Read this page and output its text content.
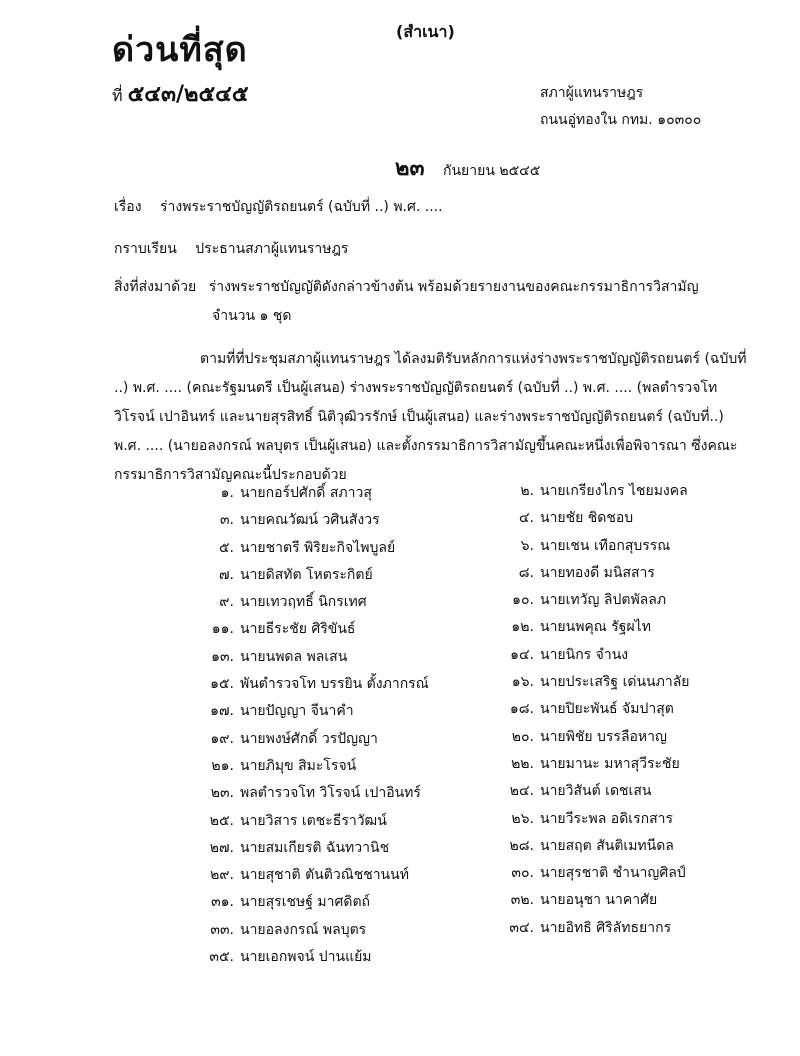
ด่วนที่สุด	(สำเนา)
ที่ ๕๔๓/๒๕๔๕	สภาผู้แทนราษฎร
ถนนอู่ทองใน กทม. ๑๐๓๐๐
๒๓ กันยายน ๒๕๔๕
เรื่อง ร่างพระราชบัญญัติรถยนตร์ (ฉบับที่ ..) พ.ศ. ....
กราบเรียน ประธานสภาผู้แทนราษฎร
สิ่งที่ส่งมาด้วย ร่างพระราชบัญญัติดังกล่าวข้างต้น พร้อมด้วยรายงานของคณะกรรมาธิการวิสามัญ
จำนวน ๑ ชุด
ตามที่ที่ประชุมสภาผู้แทนราษฎร ได้ลงมติรับหลักการแห่งร่างพระราชบัญญัติรถยนตร์ (ฉบับที่ ..) พ.ศ. .... (คณะรัฐมนตรี เป็นผู้เสนอ) ร่างพระราชบัญญัติรถยนตร์ (ฉบับที่ ..) พ.ศ. .... (พลตำรวจโท วิโรจน์ เปาอินทร์ และนายสุรสิทธิ์ นิติวุฒิวรรักษ์ เป็นผู้เสนอ) และร่างพระราชบัญญัติรถยนตร์ (ฉบับที่..) พ.ศ. .... (นายอลงกรณ์ พลบุตร เป็นผู้เสนอ) และตั้งกรรมาธิการวิสามัญขึ้นคณะหนึ่งเพื่อพิจารณา ซึ่งคณะกรรมาธิการวิสามัญคณะนี้ประกอบด้วย
๑. นายกอร์ปศักดิ์ สภาวสุ
๓. นายคณวัฒน์ วศินสังวร
๕. นายชาตรี พิริยะกิจไพบูลย์
๗. นายดิสทัต โหตระกิตย์
๙. นายเทวฤทธิ์ นิกรเทศ
๑๑. นายธีระชัย ศิริขันธ์
๑๓. นายนพดล พลเสน
๑๕. พันตำรวจโท บรรยิน ตั้งภากรณ์
๑๗. นายปัญญา จีนาคำ
๑๙. นายพงษ์ศักดิ์ วรปัญญา
๒๑. นายภิมุข สิมะโรจน์
๒๓. พลตำรวจโท วิโรจน์ เปาอินทร์
๒๕. นายวิสาร เตชะธีราวัฒน์
๒๗. นายสมเกียรติ ฉันทวานิช
๒๙. นายสุชาติ ตันติวณิชชานนท์
๓๑. นายสุรเชษฐ์ มาศดิตถ์
๓๓. นายอลงกรณ์ พลบุตร
๓๕. นายเอกพจน์ ปานแย้ม
๒. นายเกรียงไกร ไชยมงคล
๔. นายชัย ชิดชอบ
๖. นายเชน เทือกสุบรรณ
๘. นายทองดี มนิสสาร
๑๐. นายเทวัญ ลิปตพัลลภ
๑๒. นายนพคุณ รัฐผไท
๑๔. นายนิกร จำนง
๑๖. นายประเสริฐ เด่นนภาลัย
๑๘. นายปิยะพันธ์ จัมปาสุต
๒๐. นายพิชัย บรรลือหาญ
๒๒. นายมานะ มหาสุวีระชัย
๒๔. นายวิสันต์ เดชเสน
๒๖. นายวีระพล อดิเรกสาร
๒๘. นายสฤต สันติเมทนีดล
๓๐. นายสุรชาติ ชำนาญศิลป์
๓๒. นายอนุชา นาคาศัย
๓๔. นายอิทธิ ศิริลัทธยากร
